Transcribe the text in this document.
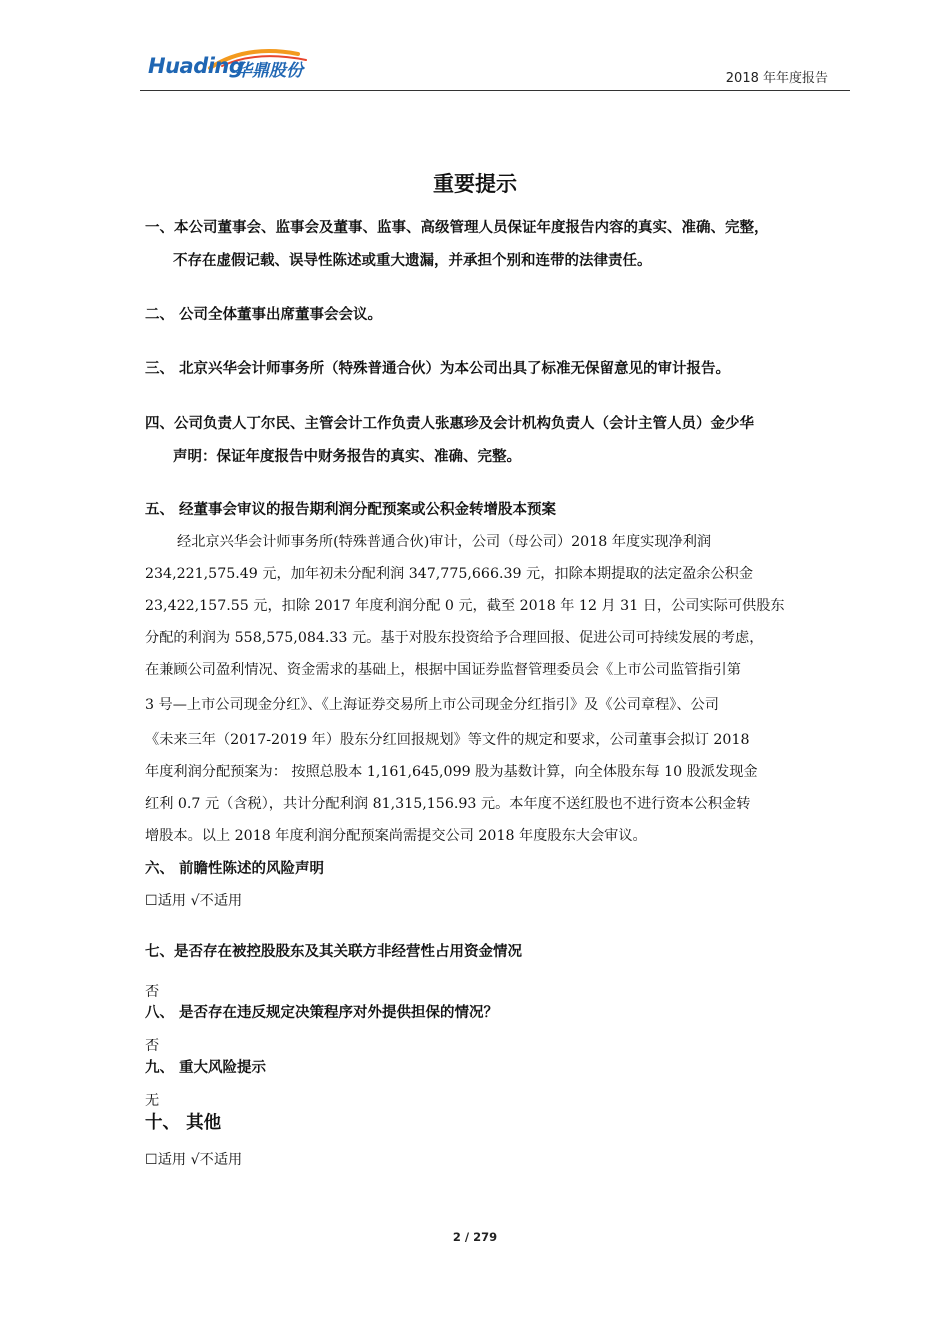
Huading
华鼎股份	2018 年年度报告
重要提示
一、本公司董事会、监事会及董事、监事、高级管理人员保证年度报告内容的真实、准确、完整，
不存在虚假记载、误导性陈述或重大遗漏，并承担个别和连带的法律责任。
二、 公司全体董事出席董事会会议。
三、 北京兴华会计师事务所（特殊普通合伙）为本公司出具了标准无保留意见的审计报告。
四、公司负责人丁尔民、主管会计工作负责人张惠珍及会计机构负责人（会计主管人员）金少华
声明：保证年度报告中财务报告的真实、准确、完整。
五、 经董事会审议的报告期利润分配预案或公积金转增股本预案
经北京兴华会计师事务所(特殊普通合伙)审计，公司（母公司）2018 年度实现净利润
234,221,575.49 元，加年初未分配利润 347,775,666.39 元，扣除本期提取的法定盈余公积金
23,422,157.55 元，扣除 2017 年度利润分配 0 元，截至 2018 年 12 月 31 日，公司实际可供股东
分配的利润为 558,575,084.33 元。基于对股东投资给予合理回报、促进公司可持续发展的考虑，
在兼顾公司盈利情况、资金需求的基础上，根据中国证券监督管理委员会《上市公司监管指引第
3 号—上市公司现金分红》、《上海证券交易所上市公司现金分红指引》及《公司章程》、公司
《未来三年（2017-2019 年）股东分红回报规划》等文件的规定和要求，公司董事会拟订 2018
年度利润分配预案为： 按照总股本 1,161,645,099 股为基数计算，向全体股东每 10 股派发现金
红利 0.7 元（含税），共计分配利润 81,315,156.93 元。本年度不送红股也不进行资本公积金转
增股本。以上 2018 年度利润分配预案尚需提交公司 2018 年度股东大会审议。
六、 前瞻性陈述的风险声明
☐适用 √不适用
七、是否存在被控股股东及其关联方非经营性占用资金情况
否
八、 是否存在违反规定决策程序对外提供担保的情况？
否
九、 重大风险提示
无
十、 其他
☐适用 √不适用
2 / 279
